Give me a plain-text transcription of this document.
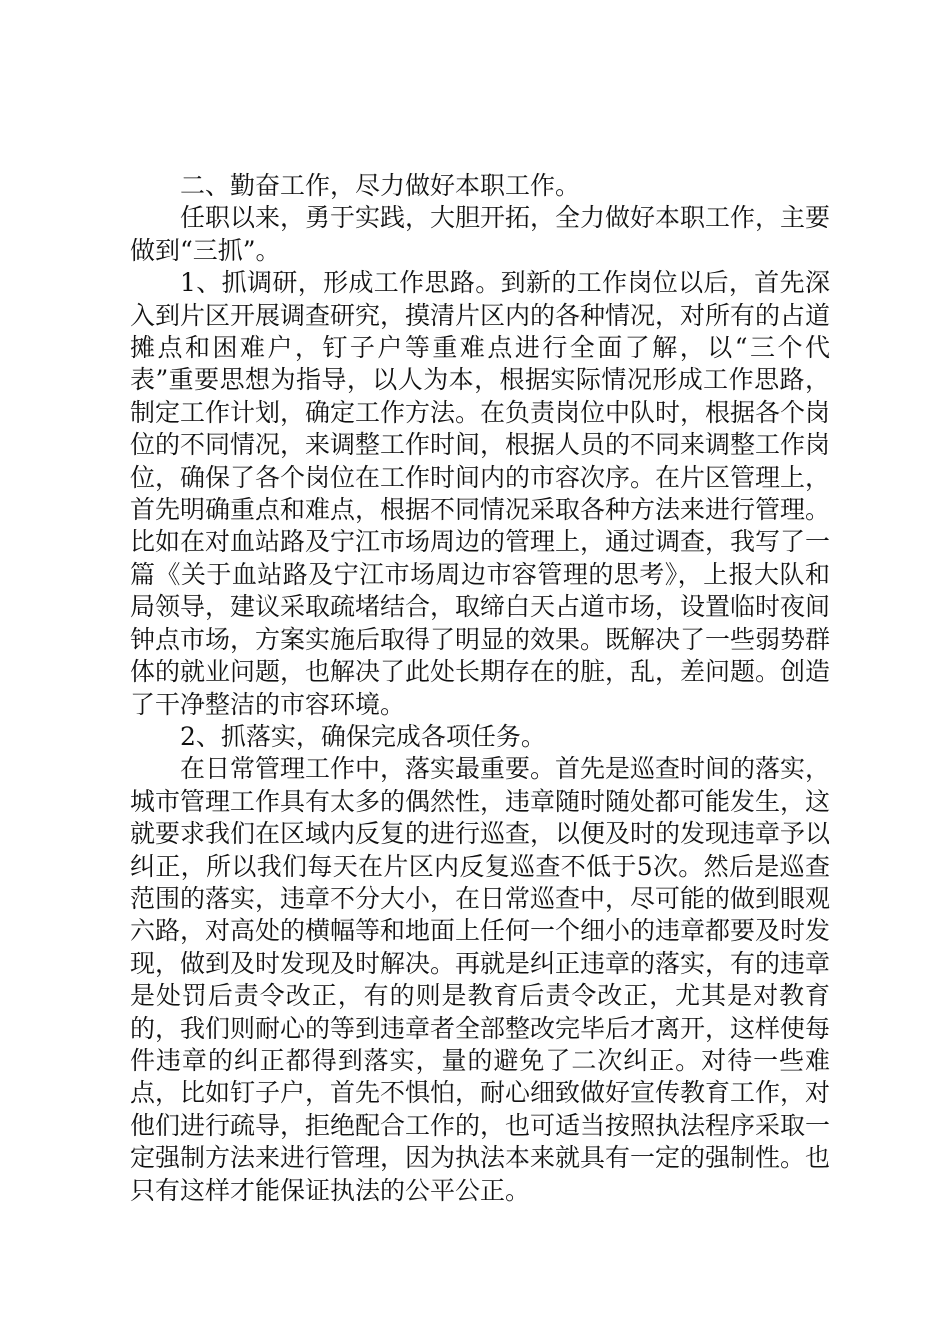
二、勤奋工作，尽力做好本职工作。

任职以来，勇于实践，大胆开拓，全力做好本职工作，主要做到“三抓”。

1、抓调研，形成工作思路。到新的工作岗位以后，首先深入到片区开展调查研究，摸清片区内的各种情况，对所有的占道摊点和困难户，钉子户等重难点进行全面了解，以“三个代表”重要思想为指导，以人为本，根据实际情况形成工作思路，制定工作计划，确定工作方法。在负责岗位中队时，根据各个岗位的不同情况，来调整工作时间，根据人员的不同来调整工作岗位，确保了各个岗位在工作时间内的市容次序。在片区管理上，首先明确重点和难点，根据不同情况采取各种方法来进行管理。比如在对血站路及宁江市场周边的管理上，通过调查，我写了一篇《关于血站路及宁江市场周边市容管理的思考》，上报大队和局领导，建议采取疏堵结合，取缔白天占道市场，设置临时夜间钟点市场，方案实施后取得了明显的效果。既解决了一些弱势群体的就业问题，也解决了此处长期存在的脏，乱，差问题。创造了干净整洁的市容环境。

2、抓落实，确保完成各项任务。

在日常管理工作中，落实最重要。首先是巡查时间的落实，城市管理工作具有太多的偶然性，违章随时随处都可能发生，这就要求我们在区域内反复的进行巡查，以便及时的发现违章予以纠正，所以我们每天在片区内反复巡查不低于5次。然后是巡查范围的落实，违章不分大小，在日常巡查中，尽可能的做到眼观六路，对高处的横幅等和地面上任何一个细小的违章都要及时发现，做到及时发现及时解决。再就是纠正违章的落实，有的违章是处罚后责令改正，有的则是教育后责令改正，尤其是对教育的，我们则耐心的等到违章者全部整改完毕后才离开，这样使每件违章的纠正都得到落实，量的避免了二次纠正。对待一些难点，比如钉子户，首先不惧怕，耐心细致做好宣传教育工作，对他们进行疏导，拒绝配合工作的，也可适当按照执法程序采取一定强制方法来进行管理，因为执法本来就具有一定的强制性。也只有这样才能保证执法的公平公正。
